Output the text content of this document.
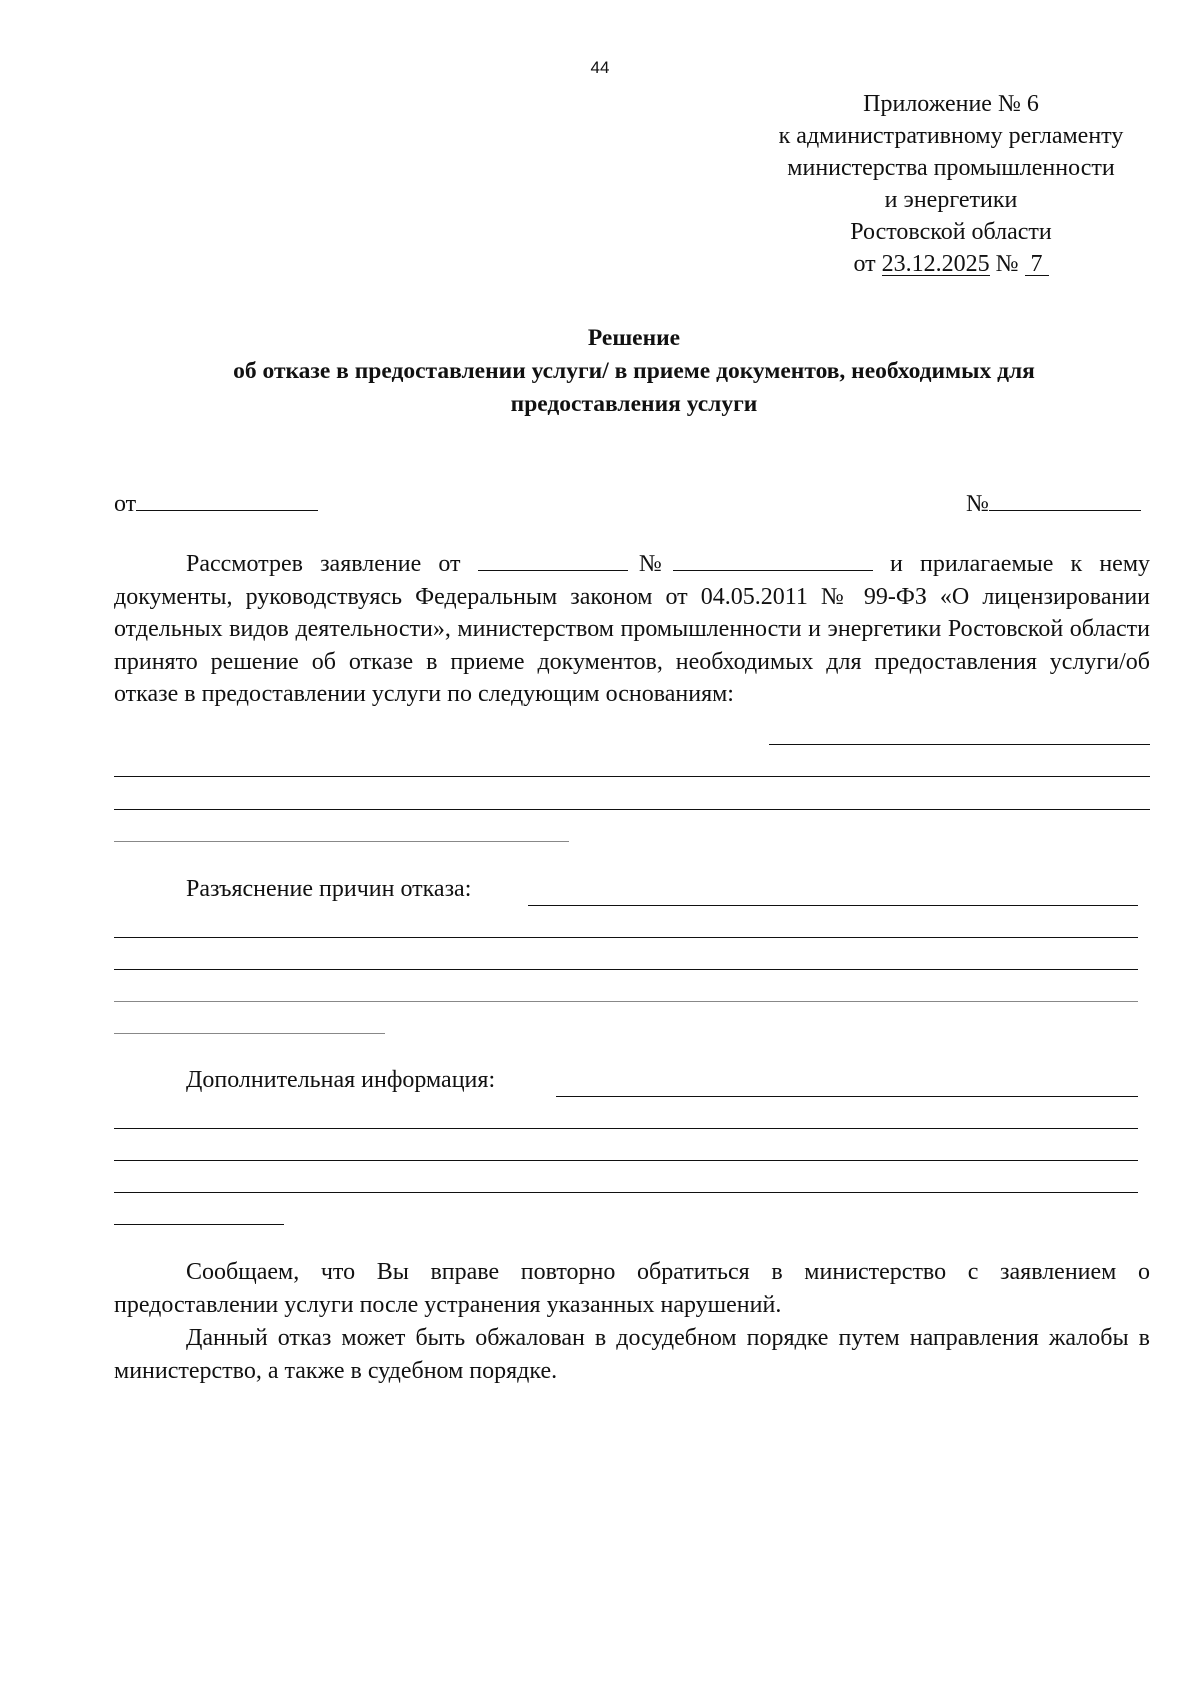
44
Приложение № 6
к административному регламенту
министерства промышленности
и энергетики
Ростовской области
от 23.12.2025 № 7
Решение
об отказе в предоставлении услуги/ в приеме документов, необходимых для
предоставления услуги
от	№

Рассмотрев заявление от	№	и прилагаемые к нему документы, руководствуясь Федеральным законом от 04.05.2011 № 99-ФЗ «О лицензировании отдельных видов деятельности», министерством промышленности и энергетики Ростовской области принято решение об отказе в приеме документов, необходимых для предоставления услуги/об отказе в предоставлении услуги по следующим основаниям:

Разъяснение причин отказа:

Дополнительная информация:

Сообщаем, что Вы вправе повторно обратиться в министерство с заявлением о предоставлении услуги после устранения указанных нарушений.

Данный отказ может быть обжалован в досудебном порядке путем направления жалобы в министерство, а также в судебном порядке.
